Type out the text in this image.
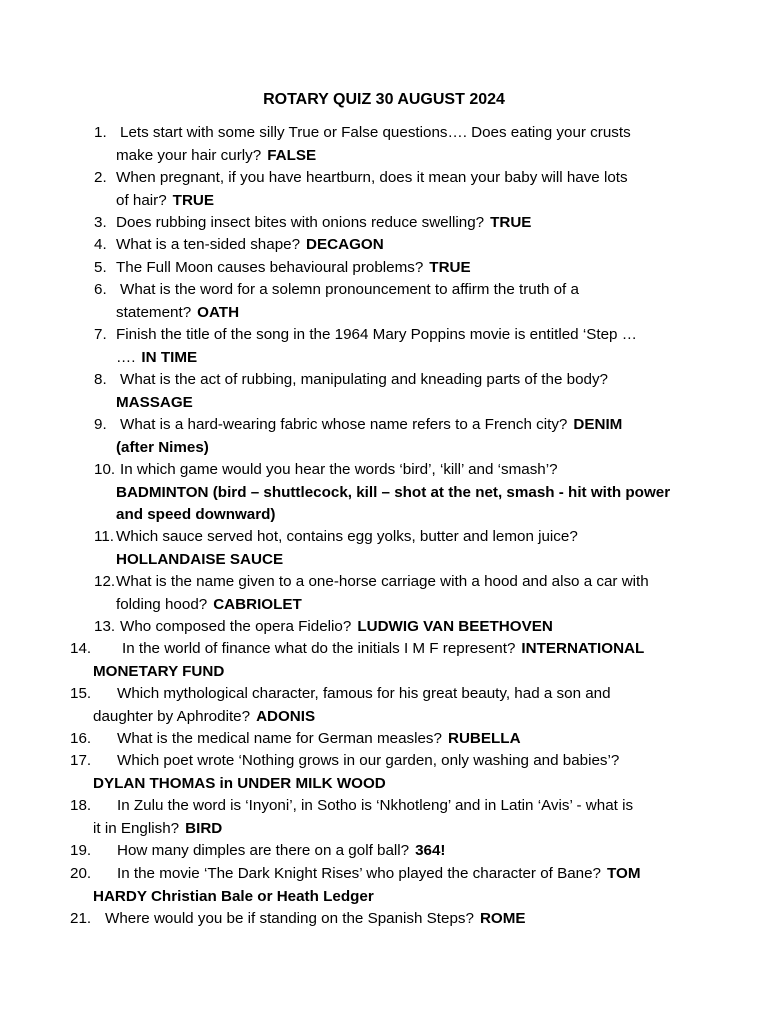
ROTARY QUIZ 30 AUGUST 2024
1. Lets start with some silly True or False questions…. Does eating your crusts
make your hair curly? FALSE
2. When pregnant, if you have heartburn, does it mean your baby will have lots
of hair? TRUE
3. Does rubbing insect bites with onions reduce swelling? TRUE
4. What is a ten-sided shape? DECAGON
5. The Full Moon causes behavioural problems? TRUE
6. What is the word for a solemn pronouncement to affirm the truth of a
statement? OATH
7. Finish the title of the song in the 1964 Mary Poppins movie is entitled ‘Step …
…. IN TIME
8. What is the act of rubbing, manipulating and kneading parts of the body?
MASSAGE
9. What is a hard-wearing fabric whose name refers to a French city? DENIM
(after Nimes)
10. In which game would you hear the words ‘bird’, ‘kill’ and ‘smash’?
BADMINTON (bird – shuttlecock, kill – shot at the net, smash - hit with power
and speed downward)
11. Which sauce served hot, contains egg yolks, butter and lemon juice?
HOLLANDAISE SAUCE
12. What is the name given to a one-horse carriage with a hood and also a car with
folding hood? CABRIOLET
13. Who composed the opera Fidelio? LUDWIG VAN BEETHOVEN
14.	In the world of finance what do the initials I M F represent? INTERNATIONAL
MONETARY FUND
15.	Which mythological character, famous for his great beauty, had a son and
daughter by Aphrodite? ADONIS
16.	What is the medical name for German measles? RUBELLA
17.	Which poet wrote ‘Nothing grows in our garden, only washing and babies’?
DYLAN THOMAS in UNDER MILK WOOD
18.	In Zulu the word is ‘Inyoni’, in Sotho is ‘Nkhotleng’ and in Latin ‘Avis’ - what is
it in English? BIRD
19.	How many dimples are there on a golf ball? 364!
20.	In the movie ‘The Dark Knight Rises’ who played the character of Bane? TOM
HARDY Christian Bale or Heath Ledger
21. Where would you be if standing on the Spanish Steps? ROME
